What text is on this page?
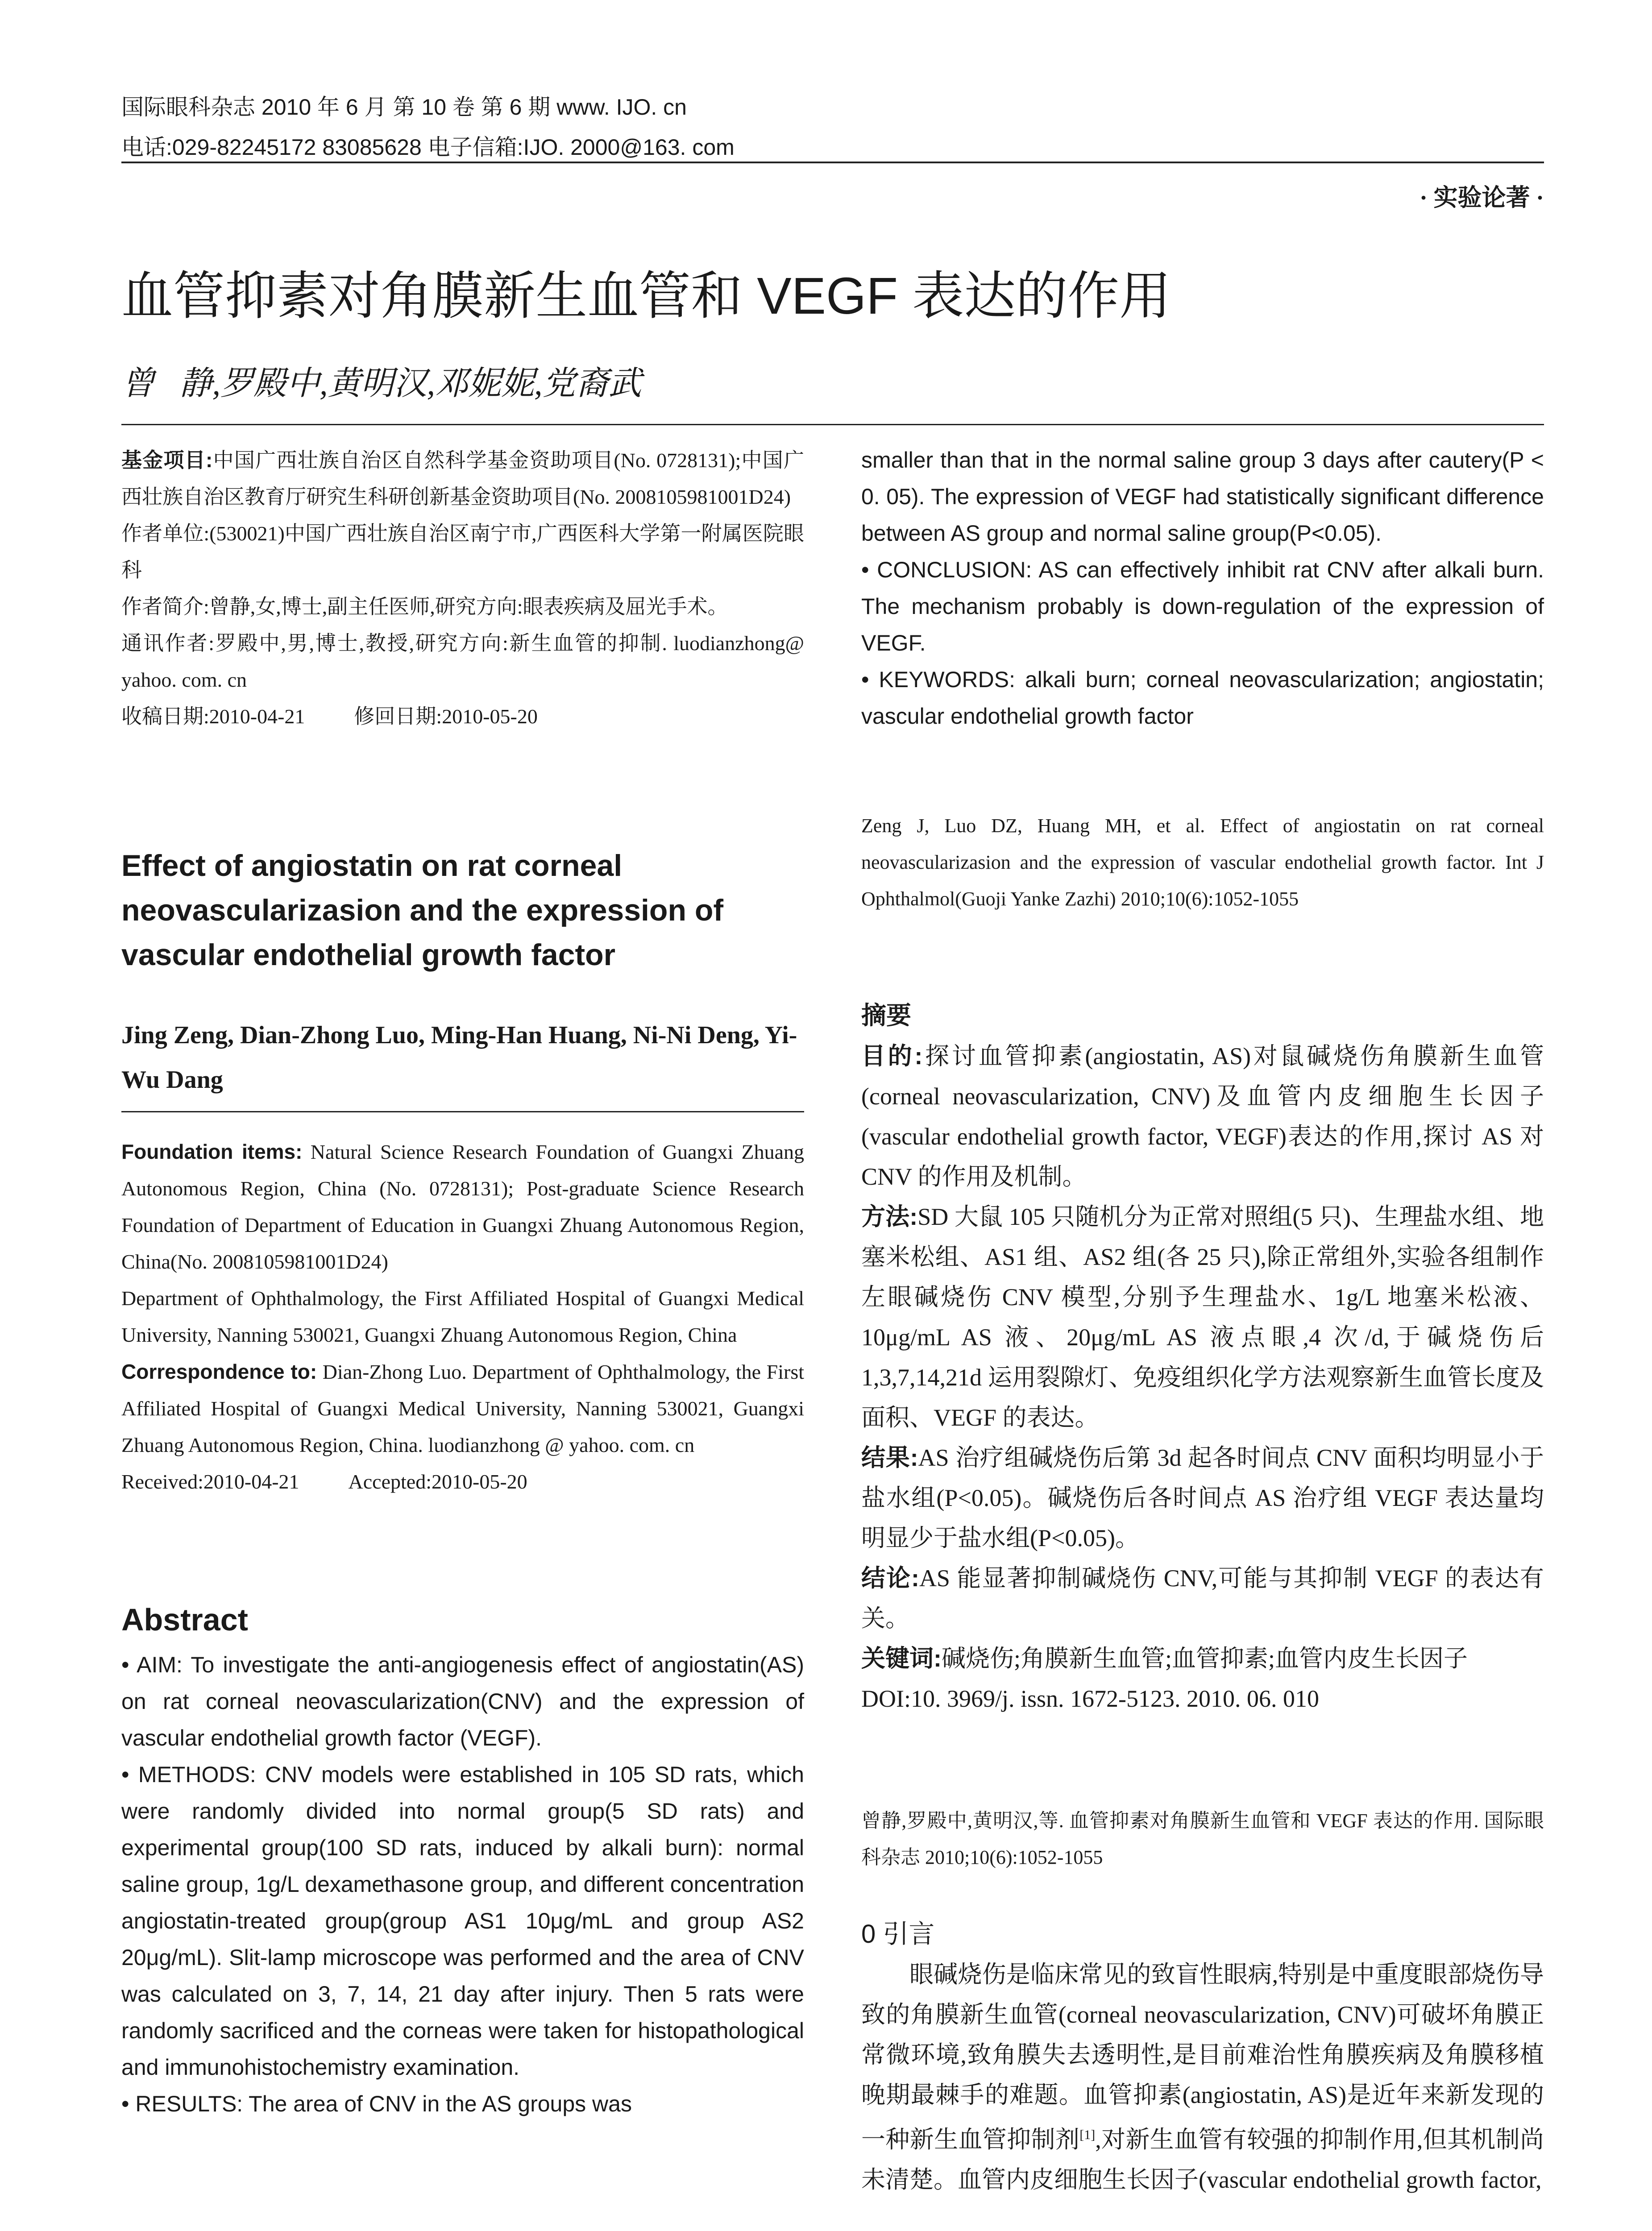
国际眼科杂志 2010 年 6 月 第 10 卷 第 6 期 www. IJO. cn
电话:029-82245172 83085628 电子信箱:IJO. 2000@163. com
· 实验论著 ·
血管抑素对角膜新生血管和 VEGF 表达的作用
曾   静,罗殿中,黄明汉,邓妮妮,党裔武

基金项目:中国广西壮族自治区自然科学基金资助项目(No. 0728131);中国广西壮族自治区教育厅研究生科研创新基金资助项目(No. 2008105981001D24)

作者单位:(530021)中国广西壮族自治区南宁市,广西医科大学第一附属医院眼科

作者简介:曾静,女,博士,副主任医师,研究方向:眼表疾病及屈光手术。

通讯作者:罗殿中,男,博士,教授,研究方向:新生血管的抑制. luodianzhong@ yahoo. com. cn

收稿日期:2010-04-21 修回日期:2010-05-20

Effect of angiostatin on rat corneal neovascularizasion and the expression of vascular endothelial growth factor
Jing Zeng, Dian-Zhong Luo, Ming-Han Huang, Ni-Ni Deng, Yi-Wu Dang

Foundation items: Natural Science Research Foundation of Guangxi Zhuang Autonomous Region, China (No. 0728131); Post-graduate Science Research Foundation of Department of Education in Guangxi Zhuang Autonomous Region, China(No. 2008105981001D24)

Department of Ophthalmology, the First Affiliated Hospital of Guangxi Medical University, Nanning 530021, Guangxi Zhuang Autonomous Region, China

Correspondence to: Dian-Zhong Luo. Department of Ophthalmology, the First Affiliated Hospital of Guangxi Medical University, Nanning 530021, Guangxi Zhuang Autonomous Region, China. luodianzhong @ yahoo. com. cn

Received:2010-04-21 Accepted:2010-05-20

Abstract

• AIM: To investigate the anti-angiogenesis effect of angiostatin(AS) on rat corneal neovascularization(CNV) and the expression of vascular endothelial growth factor (VEGF).

• METHODS: CNV models were established in 105 SD rats, which were randomly divided into normal group(5 SD rats) and experimental group(100 SD rats, induced by alkali burn): normal saline group, 1g/L dexamethasone group, and different concentration angiostatin-treated group(group AS1 10μg/mL and group AS2 20μg/mL). Slit-lamp microscope was performed and the area of CNV was calculated on 3, 7, 14, 21 day after injury. Then 5 rats were randomly sacrificed and the corneas were taken for histopathological and immunohistochemistry examination.

• RESULTS: The area of CNV in the AS groups was

smaller than that in the normal saline group 3 days after cautery(P < 0. 05). The expression of VEGF had statistically significant difference between AS group and normal saline group(P<0.05).

• CONCLUSION: AS can effectively inhibit rat CNV after alkali burn. The mechanism probably is down-regulation of the expression of VEGF.

• KEYWORDS: alkali burn; corneal neovascularization; angiostatin; vascular endothelial growth factor

Zeng J, Luo DZ, Huang MH, et al. Effect of angiostatin on rat corneal neovascularizasion and the expression of vascular endothelial growth factor. Int J Ophthalmol(Guoji Yanke Zazhi) 2010;10(6):1052-1055

摘要

目的:探讨血管抑素(angiostatin, AS)对鼠碱烧伤角膜新生血管(corneal neovascularization, CNV)及血管内皮细胞生长因子(vascular endothelial growth factor, VEGF)表达的作用,探讨 AS 对 CNV 的作用及机制。

方法:SD 大鼠 105 只随机分为正常对照组(5 只)、生理盐水组、地塞米松组、AS1 组、AS2 组(各 25 只),除正常组外,实验各组制作左眼碱烧伤 CNV 模型,分别予生理盐水、1g/L 地塞米松液、10μg/mL AS 液、20μg/mL AS 液点眼,4 次/d,于碱烧伤后 1,3,7,14,21d 运用裂隙灯、免疫组织化学方法观察新生血管长度及面积、VEGF 的表达。

结果:AS 治疗组碱烧伤后第 3d 起各时间点 CNV 面积均明显小于盐水组(P<0.05)。碱烧伤后各时间点 AS 治疗组 VEGF 表达量均明显少于盐水组(P<0.05)。

结论:AS 能显著抑制碱烧伤 CNV,可能与其抑制 VEGF 的表达有关。

关键词:碱烧伤;角膜新生血管;血管抑素;血管内皮生长因子

DOI:10. 3969/j. issn. 1672-5123. 2010. 06. 010

曾静,罗殿中,黄明汉,等. 血管抑素对角膜新生血管和 VEGF 表达的作用. 国际眼科杂志 2010;10(6):1052-1055

0 引言

眼碱烧伤是临床常见的致盲性眼病,特别是中重度眼部烧伤导致的角膜新生血管(corneal neovascularization, CNV)可破坏角膜正常微环境,致角膜失去透明性,是目前难治性角膜疾病及角膜移植晚期最棘手的难题。血管抑素(angiostatin, AS)是近年来新发现的一种新生血管抑制剂[1],对新生血管有较强的抑制作用,但其机制尚未清楚。血管内皮细胞生长因子(vascular endothelial growth factor,
